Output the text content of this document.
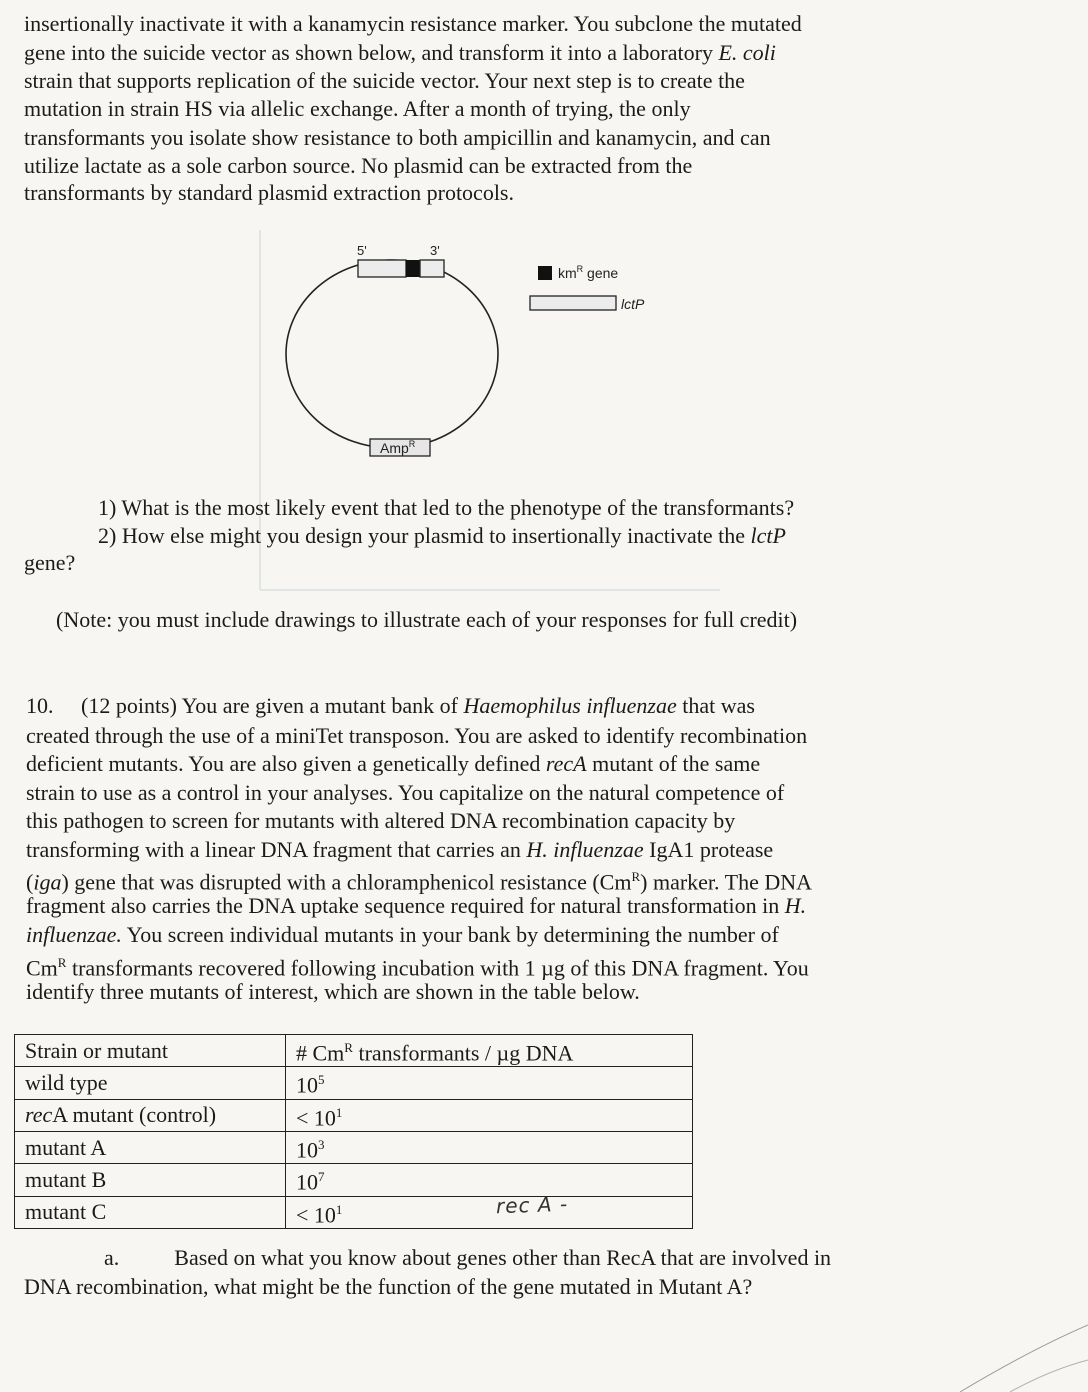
insertionally inactivate it with a kanamycin resistance marker. You subclone the mutated
gene into the suicide vector as shown below, and transform it into a laboratory E. coli
strain that supports replication of the suicide vector. Your next step is to create the
mutation in strain HS via allelic exchange. After a month of trying, the only
transformants you isolate show resistance to both ampicillin and kanamycin, and can
utilize lactate as a sole carbon source. No plasmid can be extracted from the
transformants by standard plasmid extraction protocols.
5'	3'
Amp$^R$
$km^R$ gene
lctP
1) What is the most likely event that led to the phenotype of the transformants?
2) How else might you design your plasmid to insertionally inactivate the lctP
gene?
(Note: you must include drawings to illustrate each of your responses for full credit)
10.     (12 points) You are given a mutant bank of Haemophilus influenzae that was
created through the use of a miniTet transposon. You are asked to identify recombination
deficient mutants. You are also given a genetically defined recA mutant of the same
strain to use as a control in your analyses. You capitalize on the natural competence of
this pathogen to screen for mutants with altered DNA recombination capacity by
transforming with a linear DNA fragment that carries an H. influenzae IgA1 protease
(iga) gene that was disrupted with a chloramphenicol resistance $(Cm^R)$ marker. The DNA
fragment also carries the DNA uptake sequence required for natural transformation in H.
influenzae. You screen individual mutants in your bank by determining the number of
$Cm^R$ transformants recovered following incubation with 1 µg of this DNA fragment. You
identify three mutants of interest, which are shown in the table below.
Strain or mutant	# $Cm^R$ transformants / µg DNA
wild type	$10^5$
recA mutant (control)	< $10^1$
mutant A	$10^3$
mutant B	$10^7$
mutant C	< $10^1$	rec A -
a.          Based on what you know about genes other than RecA that are involved in
DNA recombination, what might be the function of the gene mutated in Mutant A?
